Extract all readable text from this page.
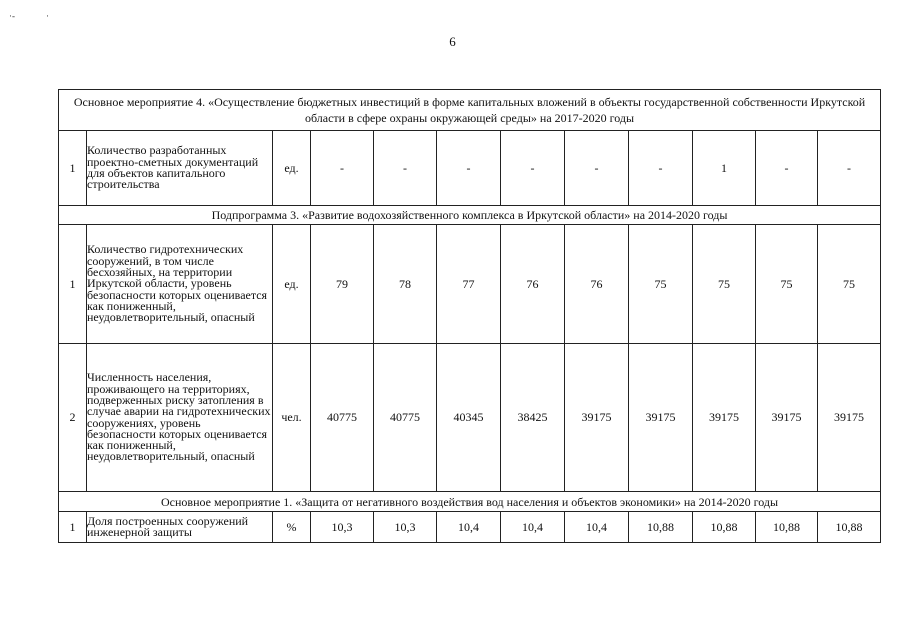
·-	·
6
Основное мероприятие 4. «Осуществление бюджетных инвестиций в форме капитальных вложений в объекты государственной собственности Иркутской области в сфере охраны окружающей среды» на 2017-2020 годы											
1	Количество разработанных проектно-сметных документаций для объектов капитального строительства	ед.	-	-	-	-	-	-	1	-	-
Подпрограмма 3. «Развитие водохозяйственного комплекса в Иркутской области» на 2014-2020 годы											
1	Количество гидротехнических сооружений, в том числе бесхозяйных, на территории Иркутской области, уровень безопасности которых оценивается как пониженный, неудовлетворительный, опасный	ед.	79	78	77	76	76	75	75	75	75
2	Численность населения, проживающего на территориях, подверженных риску затопления в случае аварии на гидротехнических сооружениях, уровень безопасности которых оценивается как пониженный, неудовлетворительный, опасный	чел.	40775	40775	40345	38425	39175	39175	39175	39175	39175
Основное мероприятие 1. «Защита от негативного воздействия вод населения и объектов экономики» на 2014-2020 годы											
1	Доля построенных сооружений инженерной защиты	%	10,3	10,3	10,4	10,4	10,4	10,88	10,88	10,88	10,88
